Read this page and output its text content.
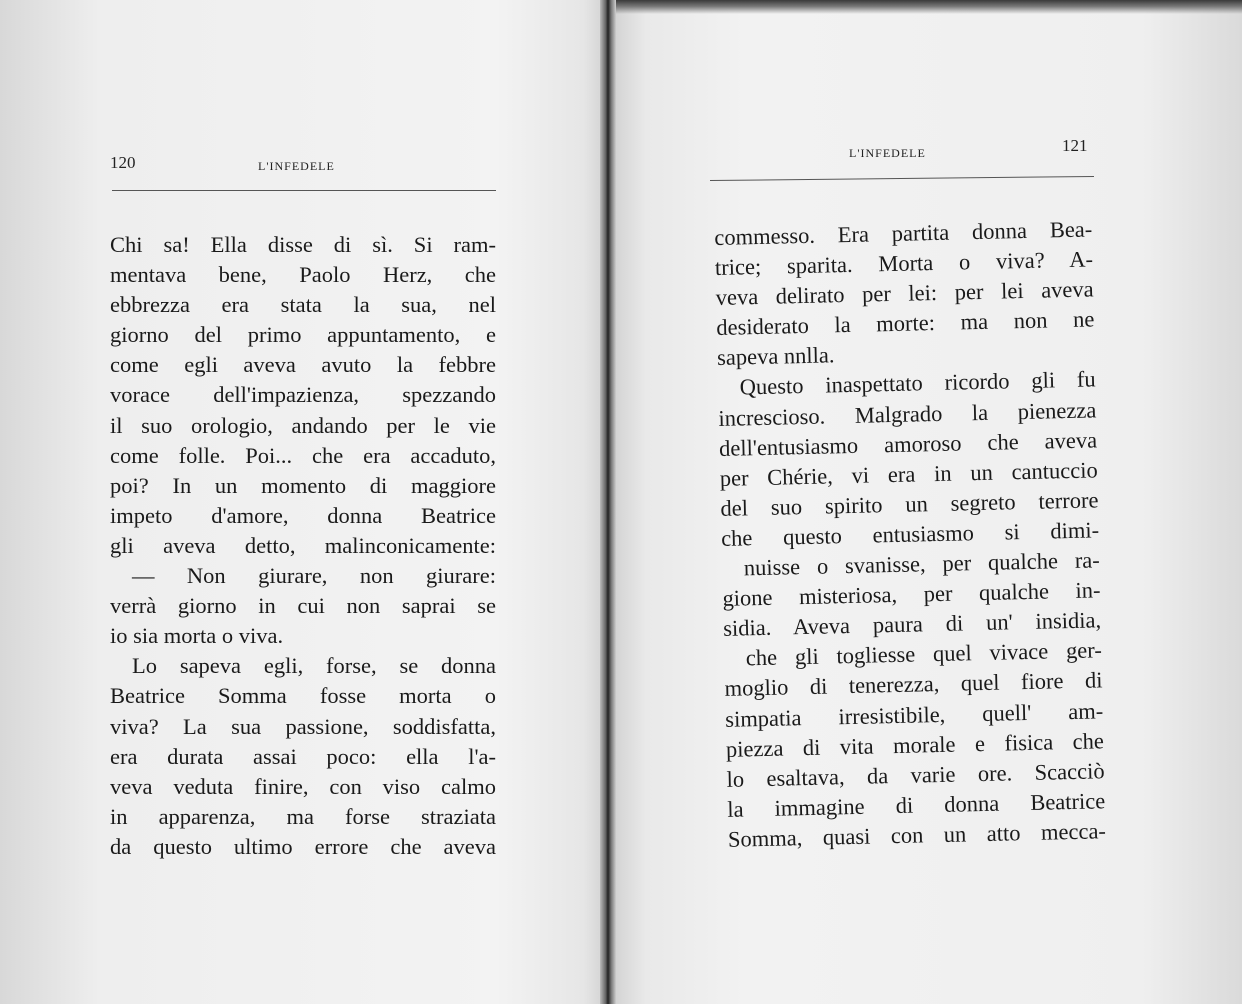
120	L'INFEDELE
Chi sa! Ella disse di sì. Si ram-
mentava bene, Paolo Herz, che
ebbrezza era stata la sua, nel
giorno del primo appuntamento, e
come egli aveva avuto la febbre
vorace dell'impazienza, spezzando
il suo orologio, andando per le vie
come folle. Poi... che era accaduto,
poi? In un momento di maggiore
impeto d'amore, donna Beatrice
gli aveva detto, malinconicamente:
— Non giurare, non giurare:
verrà giorno in cui non saprai se
io sia morta o viva.
Lo sapeva egli, forse, se donna
Beatrice Somma fosse morta o
viva? La sua passione, soddisfatta,
era durata assai poco: ella l'a-
veva veduta finire, con viso calmo
in apparenza, ma forse straziata
da questo ultimo errore che aveva
L'INFEDELE	121
commesso. Era partita donna Bea-
trice; sparita. Morta o viva? A-
veva delirato per lei: per lei aveva
desiderato la morte: ma non ne
sapeva nnlla.
Questo inaspettato ricordo gli fu
increscioso. Malgrado la pienezza
dell'entusiasmo amoroso che aveva
per Chérie, vi era in un cantuccio
del suo spirito un segreto terrore
che questo entusiasmo si dimi-
nuisse o svanisse, per qualche ra-
gione misteriosa, per qualche in-
sidia. Aveva paura di un' insidia,
che gli togliesse quel vivace ger-
moglio di tenerezza, quel fiore di
simpatia irresistibile, quell' am-
piezza di vita morale e fisica che
lo esaltava, da varie ore. Scacciò
la immagine di donna Beatrice
Somma, quasi con un atto mecca-
